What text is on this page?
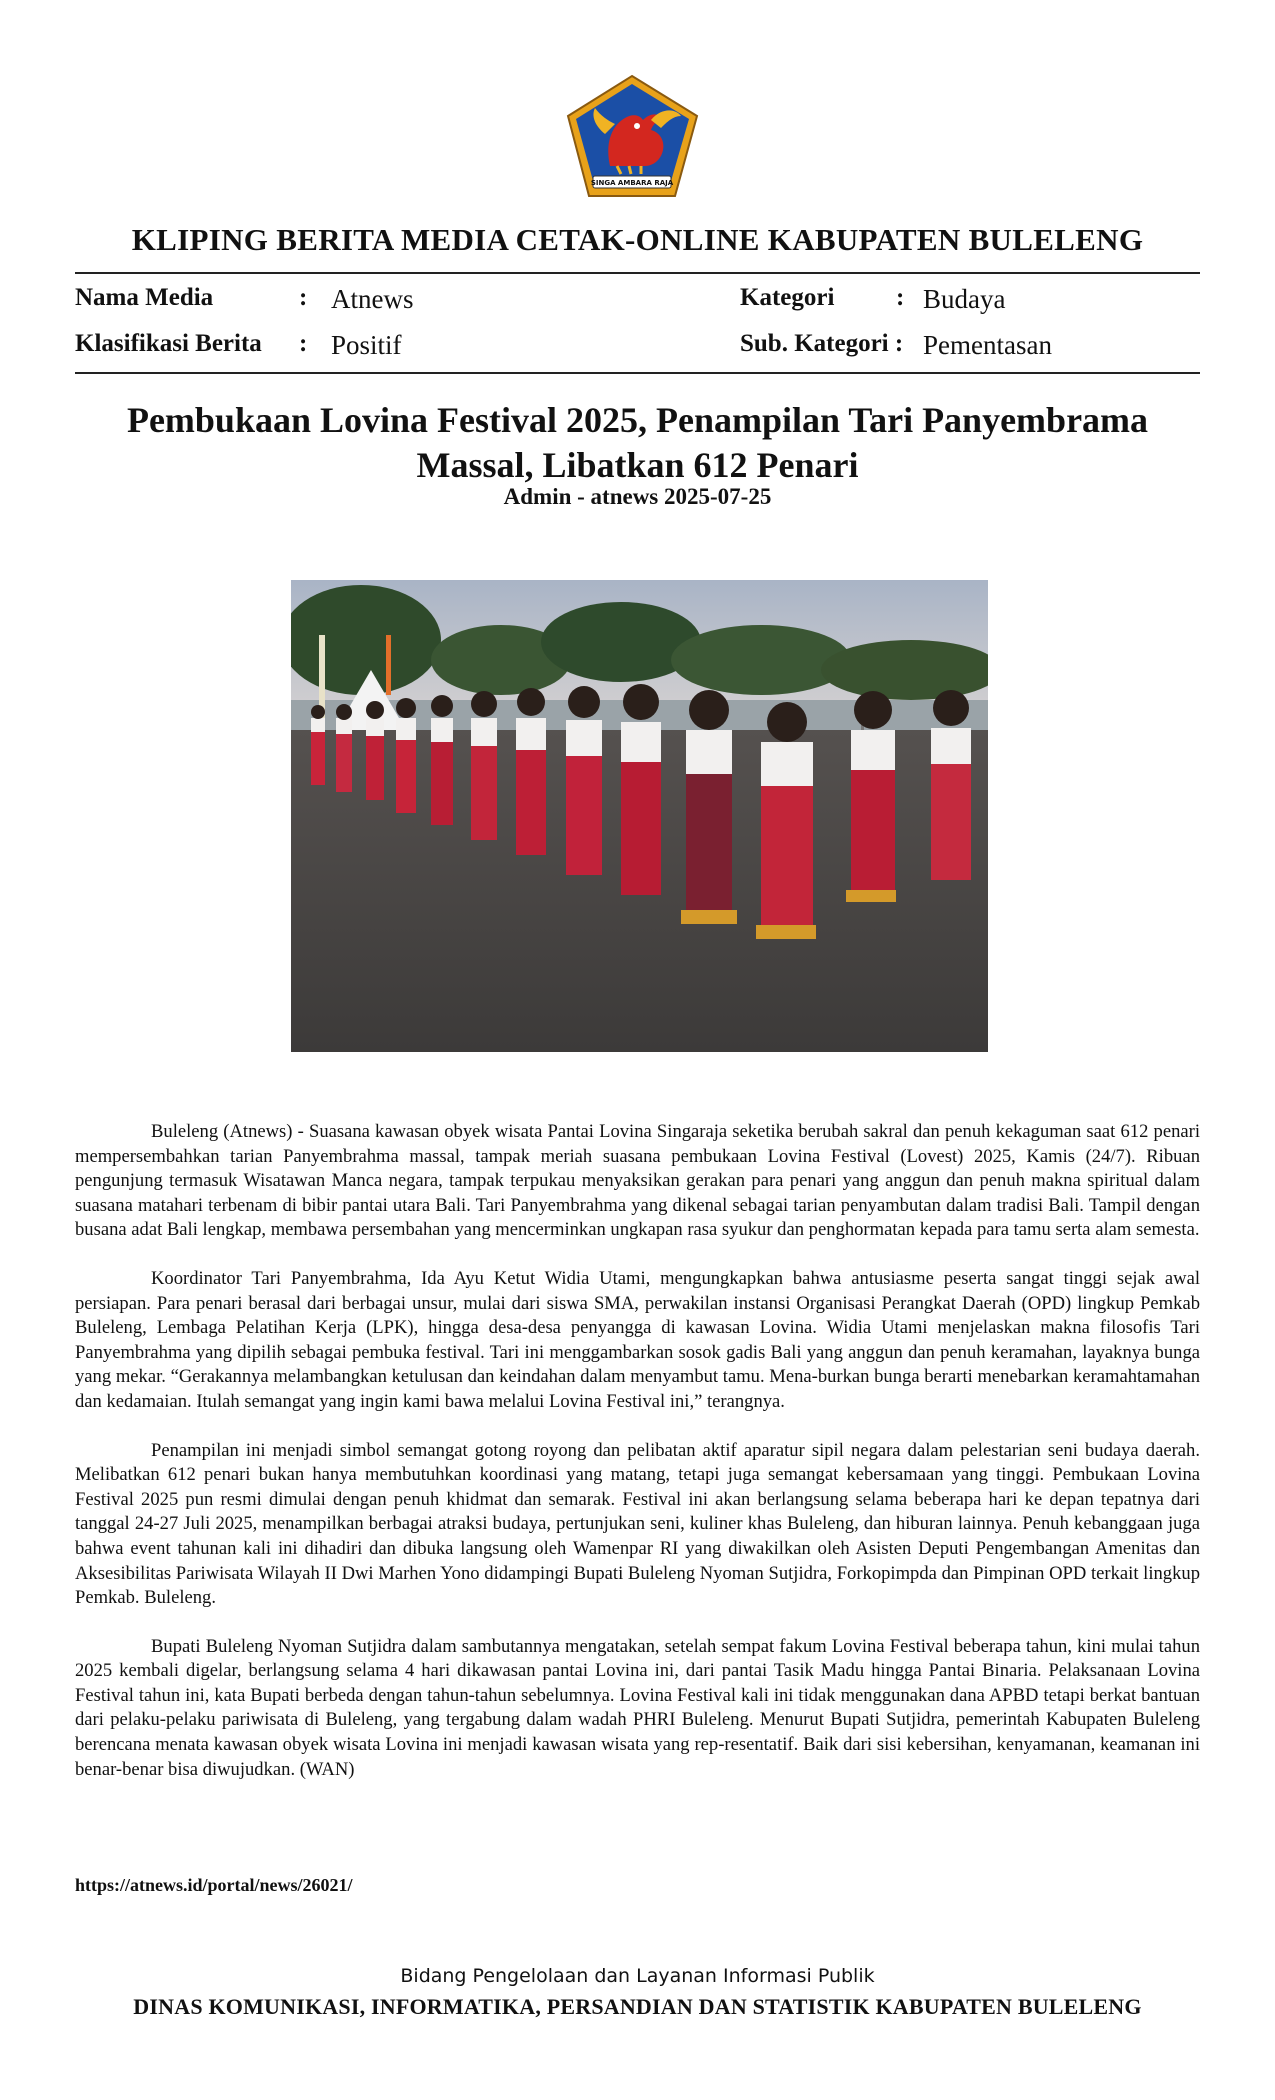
SINGA AMBARA RAJA
KLIPING BERITA MEDIA CETAK-ONLINE KABUPATEN BULELENG
Nama Media	: Atnews	Kategori : Budaya
Klasifikasi Berita : Positif	Sub. Kategori : Pementasan
Pembukaan Lovina Festival 2025, Penampilan Tari Panyembrama
Massal, Libatkan 612 Penari
Admin - atnews 2025-07-25

Buleleng (Atnews) - Suasana kawasan obyek wisata Pantai Lovina Singaraja seketika berubah sakral dan penuh kekaguman saat 612 penari mempersembahkan tarian Panyembrahma massal, tampak meriah suasana pembukaan Lovina Festival (Lovest) 2025, Kamis (24/7). Ribuan pengunjung termasuk Wisatawan Manca negara, tampak terpukau menyaksikan gerakan para penari yang anggun dan penuh makna spiritual dalam suasana matahari terbenam di bibir pantai utara Bali. Tari Panyembrahma yang dikenal sebagai tarian penyambutan dalam tradisi Bali. Tampil dengan busana adat Bali lengkap, membawa persembahan yang mencerminkan ungkapan rasa syukur dan penghormatan kepada para tamu serta alam semesta.

Koordinator Tari Panyembrahma, Ida Ayu Ketut Widia Utami, mengungkapkan bahwa antusiasme peserta sangat tinggi sejak awal persiapan. Para penari berasal dari berbagai unsur, mulai dari siswa SMA, perwakilan instansi Organisasi Perangkat Daerah (OPD) lingkup Pemkab Buleleng, Lembaga Pelatihan Kerja (LPK), hingga desa-desa penyangga di kawasan Lovina. Widia Utami menjelaskan makna filosofis Tari Panyembrahma yang dipilih sebagai pembuka festival. Tari ini menggambarkan sosok gadis Bali yang anggun dan penuh keramahan, layaknya bunga yang mekar. “Gerakannya melambangkan ketulusan dan keindahan dalam menyambut tamu. Mena-burkan bunga berarti menebarkan keramahtamahan dan kedamaian. Itulah semangat yang ingin kami bawa melalui Lovina Festival ini,” terangnya.

Penampilan ini menjadi simbol semangat gotong royong dan pelibatan aktif aparatur sipil negara dalam pelestarian seni budaya daerah. Melibatkan 612 penari bukan hanya membutuhkan koordinasi yang matang, tetapi juga semangat kebersamaan yang tinggi. Pembukaan Lovina Festival 2025 pun resmi dimulai dengan penuh khidmat dan semarak. Festival ini akan berlangsung selama beberapa hari ke depan tepatnya dari tanggal 24-27 Juli 2025, menampilkan berbagai atraksi budaya, pertunjukan seni, kuliner khas Buleleng, dan hiburan lainnya. Penuh kebanggaan juga bahwa event tahunan kali ini dihadiri dan dibuka langsung oleh Wamenpar RI yang diwakilkan oleh Asisten Deputi Pengembangan Amenitas dan Aksesibilitas Pariwisata Wilayah II Dwi Marhen Yono didampingi Bupati Buleleng Nyoman Sutjidra, Forkopimpda dan Pimpinan OPD terkait lingkup Pemkab. Buleleng.

Bupati Buleleng Nyoman Sutjidra dalam sambutannya mengatakan, setelah sempat fakum Lovina Festival beberapa tahun, kini mulai tahun 2025 kembali digelar, berlangsung selama 4 hari dikawasan pantai Lovina ini, dari pantai Tasik Madu hingga Pantai Binaria. Pelaksanaan Lovina Festival tahun ini, kata Bupati berbeda dengan tahun-tahun sebelumnya. Lovina Festival kali ini tidak menggunakan dana APBD tetapi berkat bantuan dari pelaku-pelaku pariwisata di Buleleng, yang tergabung dalam wadah PHRI Buleleng. Menurut Bupati Sutjidra, pemerintah Kabupaten Buleleng berencana menata kawasan obyek wisata Lovina ini menjadi kawasan wisata yang rep-resentatif. Baik dari sisi kebersihan, kenyamanan, keamanan ini benar-benar bisa diwujudkan. (WAN)

https://atnews.id/portal/news/26021/
Bidang Pengelolaan dan Layanan Informasi Publik
DINAS KOMUNIKASI, INFORMATIKA, PERSANDIAN DAN STATISTIK KABUPATEN BULELENG
